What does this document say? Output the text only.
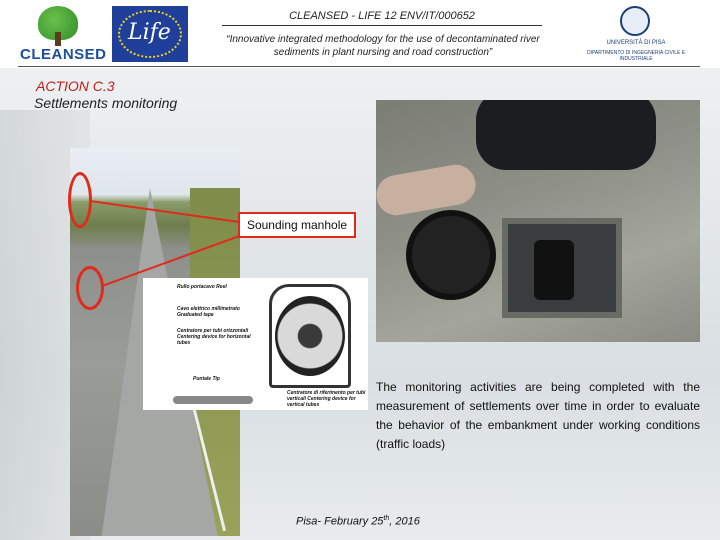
CLEANSED
Life	UNIVERSITÀ DI PISA
DIPARTIMENTO DI INGEGNERIA CIVILE E INDUSTRIALE
CLEANSED - LIFE 12 ENV/IT/000652
“Innovative integrated methodology for the use of decontaminated river sediments in plant nursing and road construction”
ACTION C.3
Settlements monitoring
Sounding manhole
Rullo portacavo Reel
Cavo elettrico millimetrato Graduated tape
Centratore per tubi orizzontali Centering device for horizontal tubes
Puntale Tip
Centratore di riferimento per tubi verticali Centering device for vertical tubes
The monitoring activities are being completed with the measurement of settlements over time in order to evaluate the behavior of the embankment under working conditions (traffic loads)
Pisa- February 25th, 2016
